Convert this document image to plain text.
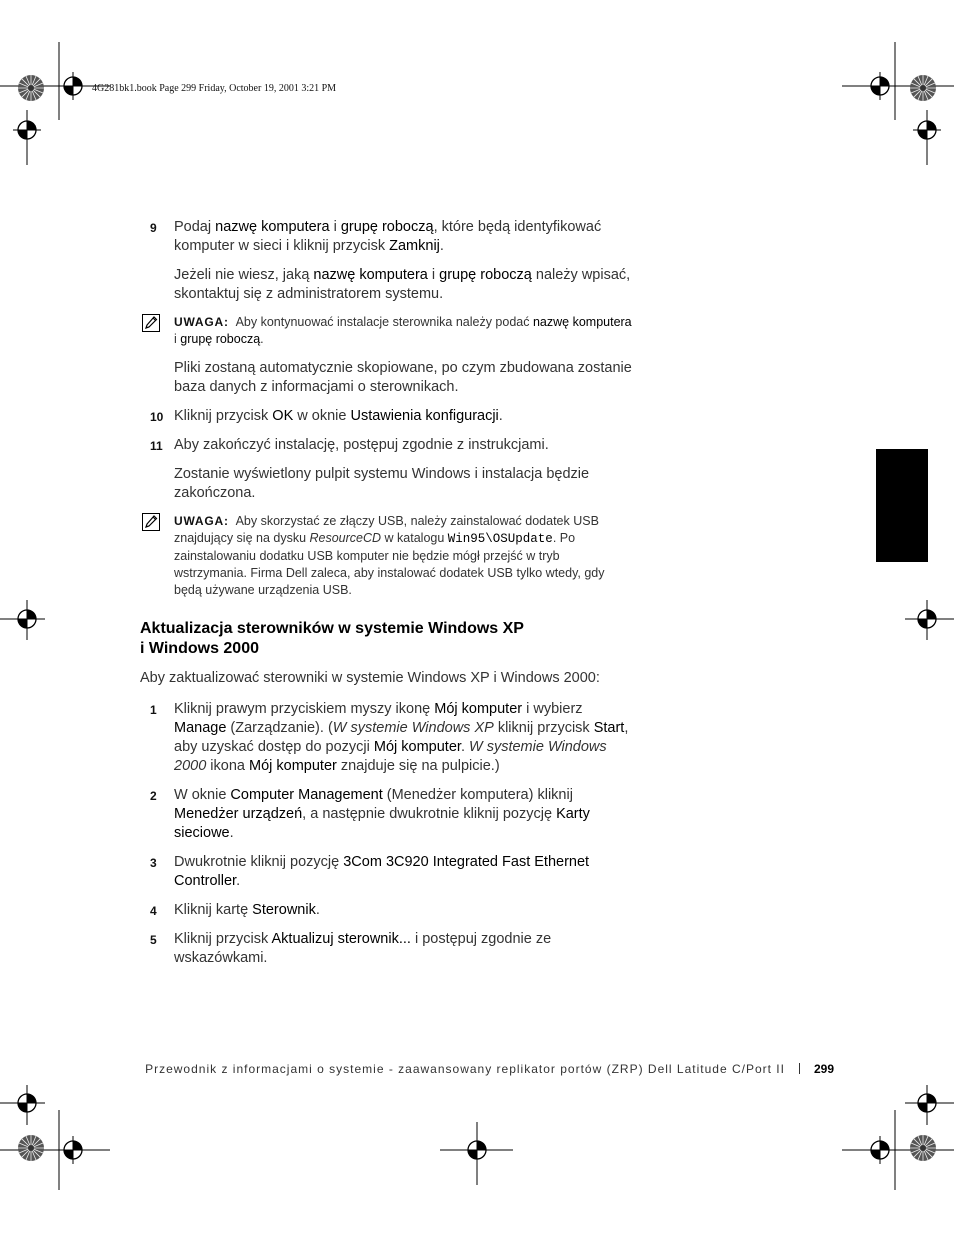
4G281bk1.book Page 299 Friday, October 19, 2001 3:21 PM
9 Podaj nazwę komputera i grupę roboczą, które będą identyfikować komputer w sieci i kliknij przycisk Zamknij.
Jeżeli nie wiesz, jaką nazwę komputera i grupę roboczą należy wpisać, skontaktuj się z administratorem systemu.
UWAGA: Aby kontynuować instalacje sterownika należy podać nazwę komputera i grupę roboczą.
Pliki zostaną automatycznie skopiowane, po czym zbudowana zostanie baza danych z informacjami o sterownikach.
10 Kliknij przycisk OK w oknie Ustawienia konfiguracji.
11 Aby zakończyć instalację, postępuj zgodnie z instrukcjami.
Zostanie wyświetlony pulpit systemu Windows i instalacja będzie zakończona.
UWAGA: Aby skorzystać ze złączy USB, należy zainstalować dodatek USB znajdujący się na dysku ResourceCD w katalogu Win95\OSUpdate. Po zainstalowaniu dodatku USB komputer nie będzie mógł przejść w tryb wstrzymania. Firma Dell zaleca, aby instalować dodatek USB tylko wtedy, gdy będą używane urządzenia USB.
Aktualizacja sterowników w systemie Windows XP
i Windows 2000
Aby zaktualizować sterowniki w systemie Windows XP i Windows 2000:
1 Kliknij prawym przyciskiem myszy ikonę Mój komputer i wybierz Manage (Zarządzanie). (W systemie Windows XP kliknij przycisk Start, aby uzyskać dostęp do pozycji Mój komputer. W systemie Windows 2000 ikona Mój komputer znajduje się na pulpicie.)
2 W oknie Computer Management (Menedżer komputera) kliknij Menedżer urządzeń, a następnie dwukrotnie kliknij pozycję Karty sieciowe.
3 Dwukrotnie kliknij pozycję 3Com 3C920 Integrated Fast Ethernet Controller.
4 Kliknij kartę Sterownik.
5 Kliknij przycisk Aktualizuj sterownik... i postępuj zgodnie ze wskazówkami.
Przewodnik z informacjami o systemie - zaawansowany replikator portów (ZRP) Dell Latitude C/Port II 299
